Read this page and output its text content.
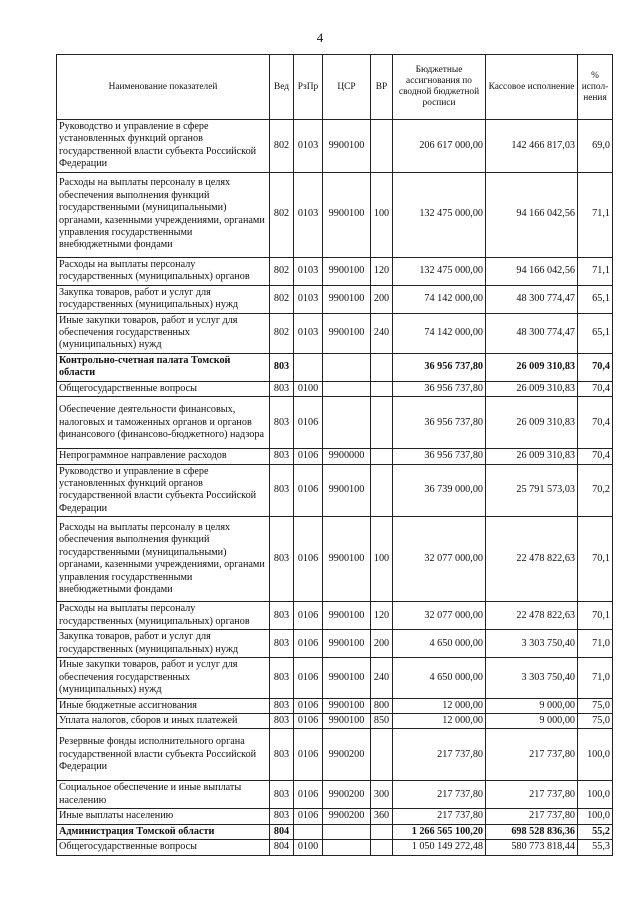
4
Наименование показателей	Вед	РзПр	ЦСР	ВР	Бюджетные ассигнования по сводной бюджетной росписи	Кассовое исполнение	% испол-нения
Руководство и управление в сфере установленных функций органов государственной власти субъекта Российской Федерации	802	0103	9900100		206 617 000,00	142 466 817,03	69,0
Расходы на выплаты персоналу в целях обеспечения выполнения функций государственными (муниципальными) органами, казенными учреждениями, органами управления государственными внебюджетными фондами	802	0103	9900100	100	132 475 000,00	94 166 042,56	71,1
Расходы на выплаты персоналу государственных (муниципальных) органов	802	0103	9900100	120	132 475 000,00	94 166 042,56	71,1
Закупка товаров, работ и услуг для государственных (муниципальных) нужд	802	0103	9900100	200	74 142 000,00	48 300 774,47	65,1
Иные закупки товаров, работ и услуг для обеспечения государственных (муниципальных) нужд	802	0103	9900100	240	74 142 000,00	48 300 774,47	65,1
Контрольно-счетная палата Томской области	803				36 956 737,80	26 009 310,83	70,4
Общегосударственные вопросы	803	0100			36 956 737,80	26 009 310,83	70,4
Обеспечение деятельности финансовых, налоговых и таможенных органов и органов финансового (финансово-бюджетного) надзора	803	0106			36 956 737,80	26 009 310,83	70,4
Непрограммное направление расходов	803	0106	9900000		36 956 737,80	26 009 310,83	70,4
Руководство и управление в сфере установленных функций органов государственной власти субъекта Российской Федерации	803	0106	9900100		36 739 000,00	25 791 573,03	70,2
Расходы на выплаты персоналу в целях обеспечения выполнения функций государственными (муниципальными) органами, казенными учреждениями, органами управления государственными внебюджетными фондами	803	0106	9900100	100	32 077 000,00	22 478 822,63	70,1
Расходы на выплаты персоналу государственных (муниципальных) органов	803	0106	9900100	120	32 077 000,00	22 478 822,63	70,1
Закупка товаров, работ и услуг для государственных (муниципальных) нужд	803	0106	9900100	200	4 650 000,00	3 303 750,40	71,0
Иные закупки товаров, работ и услуг для обеспечения государственных (муниципальных) нужд	803	0106	9900100	240	4 650 000,00	3 303 750,40	71,0
Иные бюджетные ассигнования	803	0106	9900100	800	12 000,00	9 000,00	75,0
Уплата налогов, сборов и иных платежей	803	0106	9900100	850	12 000,00	9 000,00	75,0
Резервные фонды исполнительного органа государственной власти субъекта Российской Федерации	803	0106	9900200		217 737,80	217 737,80	100,0
Социальное обеспечение и иные выплаты населению	803	0106	9900200	300	217 737,80	217 737,80	100,0
Иные выплаты населению	803	0106	9900200	360	217 737,80	217 737,80	100,0
Администрация Томской области	804				1 266 565 100,20	698 528 836,36	55,2
Общегосударственные вопросы	804	0100			1 050 149 272,48	580 773 818,44	55,3
